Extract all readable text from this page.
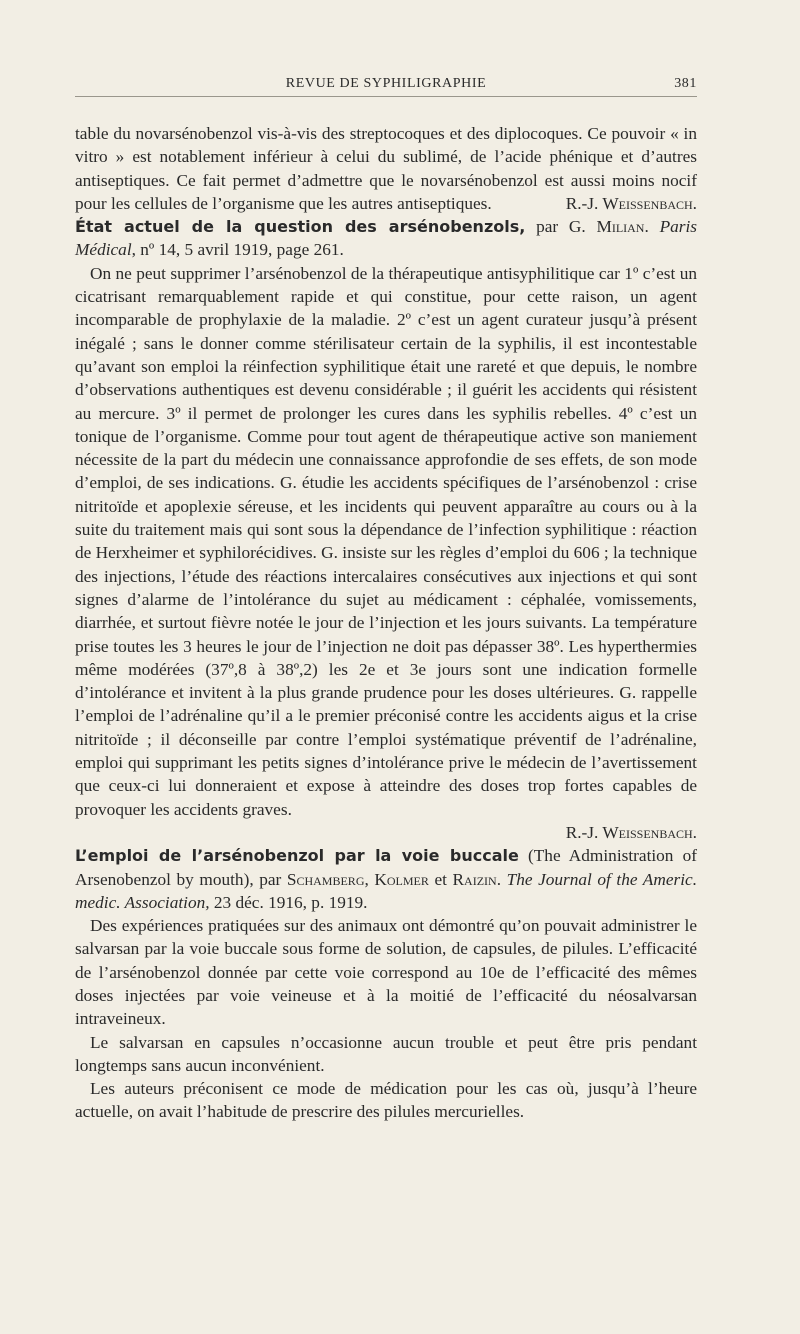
REVUE DE SYPHILIGRAPHIE	381

table du novarsénobenzol vis-à-vis des streptocoques et des diplocoques. Ce pouvoir « in vitro » est notablement inférieur à celui du sublimé, de l’acide phénique et d’autres antiseptiques. Ce fait permet d’admettre que le novarsénobenzol est aussi moins nocif pour les cellules de l’organisme que les autres antiseptiques.	R.-J. Weissenbach.

État actuel de la question des arsénobenzols, par G. Milian. Paris Médical, nº 14, 5 avril 1919, page 261.

On ne peut supprimer l’arsénobenzol de la thérapeutique antisyphilitique car 1º c’est un cicatrisant remarquablement rapide et qui constitue, pour cette raison, un agent incomparable de prophylaxie de la maladie. 2º c’est un agent curateur jusqu’à présent inégalé ; sans le donner comme stérilisateur certain de la syphilis, il est incontestable qu’avant son emploi la réinfection syphilitique était une rareté et que depuis, le nombre d’observations authentiques est devenu considérable ; il guérit les accidents qui résistent au mercure. 3º il permet de prolonger les cures dans les syphilis rebelles. 4º c’est un tonique de l’organisme. Comme pour tout agent de thérapeutique active son maniement nécessite de la part du médecin une connaissance approfondie de ses effets, de son mode d’emploi, de ses indications. G. étudie les accidents spécifiques de l’arsénobenzol : crise nitritoïde et apoplexie séreuse, et les incidents qui peuvent apparaître au cours ou à la suite du traitement mais qui sont sous la dépendance de l’infection syphilitique : réaction de Herxheimer et syphilorécidives. G. insiste sur les règles d’emploi du 606 ; la technique des injections, l’étude des réactions intercalaires consécutives aux injections et qui sont signes d’alarme de l’intolérance du sujet au médicament : céphalée, vomissements, diarrhée, et surtout fièvre notée le jour de l’injection et les jours suivants. La température prise toutes les 3 heures le jour de l’injection ne doit pas dépasser 38º. Les hyperthermies même modérées (37º,8 à 38º,2) les 2e et 3e jours sont une indication formelle d’intolérance et invitent à la plus grande prudence pour les doses ultérieures. G. rappelle l’emploi de l’adrénaline qu’il a le premier préconisé contre les accidents aigus et la crise nitritoïde ; il déconseille par contre l’emploi systématique préventif de l’adrénaline, emploi qui supprimant les petits signes d’intolérance prive le médecin de l’avertissement que ceux-ci lui donneraient et expose à atteindre des doses trop fortes capables de provoquer les accidents graves.

R.-J. Weissenbach.

L’emploi de l’arsénobenzol par la voie buccale (The Administration of Arsenobenzol by mouth), par Schamberg, Kolmer et Raizin. The Journal of the Americ. medic. Association, 23 déc. 1916, p. 1919.

Des expériences pratiquées sur des animaux ont démontré qu’on pouvait administrer le salvarsan par la voie buccale sous forme de solution, de capsules, de pilules. L’efficacité de l’arsénobenzol donnée par cette voie correspond au 10e de l’efficacité des mêmes doses injectées par voie veineuse et à la moitié de l’efficacité du néosalvarsan intraveineux.

Le salvarsan en capsules n’occasionne aucun trouble et peut être pris pendant longtemps sans aucun inconvénient.

Les auteurs préconisent ce mode de médication pour les cas où, jusqu’à l’heure actuelle, on avait l’habitude de prescrire des pilules mercurielles.
